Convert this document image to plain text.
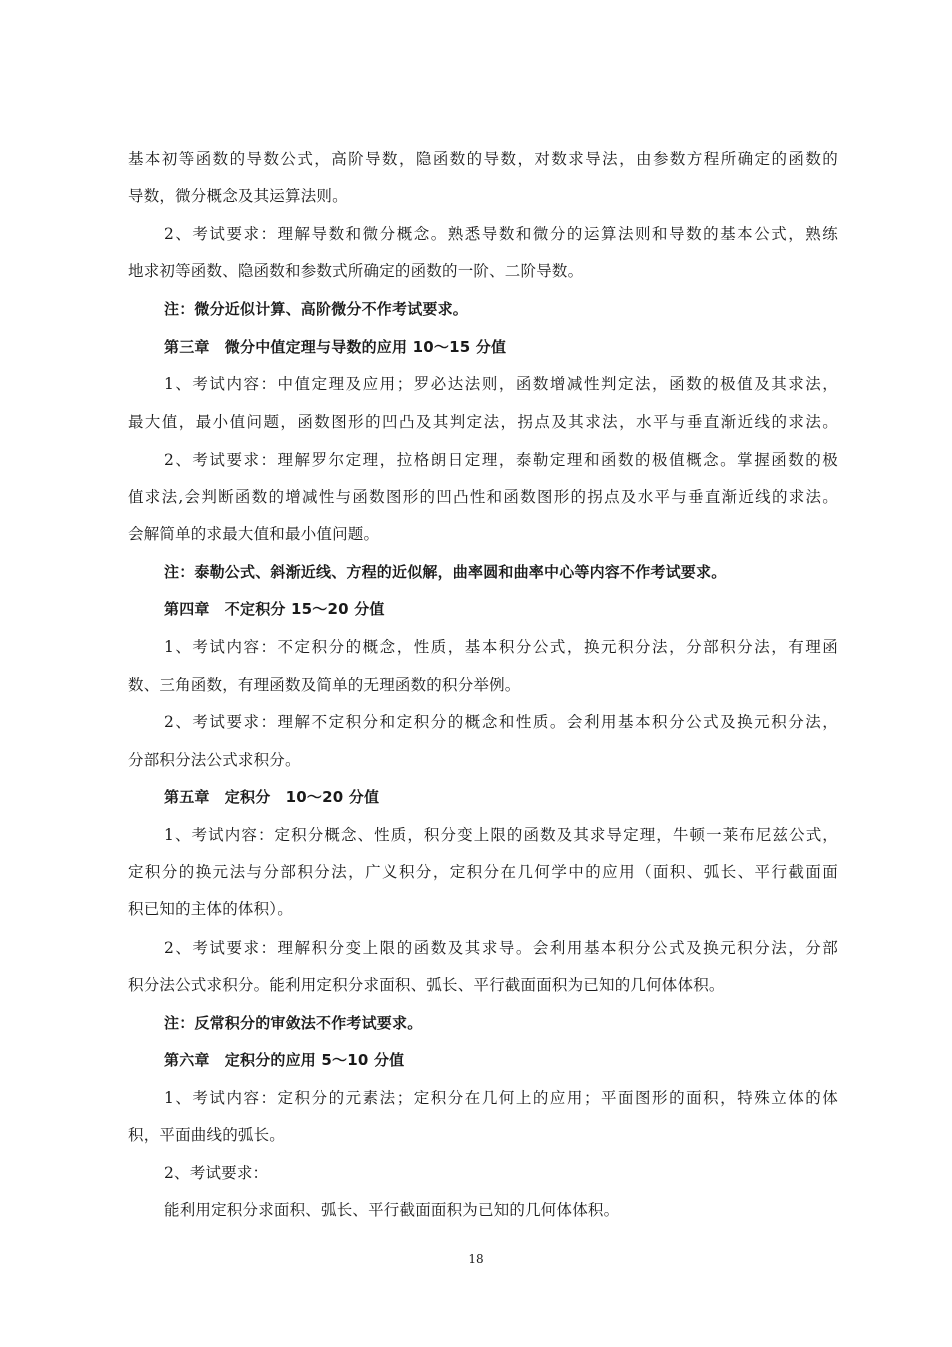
基本初等函数的导数公式，高阶导数，隐函数的导数，对数求导法，由参数方程所确定的函数的
导数，微分概念及其运算法则。
2、考试要求：理解导数和微分概念。熟悉导数和微分的运算法则和导数的基本公式，熟练
地求初等函数、隐函数和参数式所确定的函数的一阶、二阶导数。
注：微分近似计算、高阶微分不作考试要求。
第三章　微分中值定理与导数的应用 10～15 分值
1、考试内容：中值定理及应用；罗必达法则，函数增减性判定法，函数的极值及其求法，
最大值，最小值问题，函数图形的凹凸及其判定法，拐点及其求法，水平与垂直渐近线的求法。
2、考试要求：理解罗尔定理，拉格朗日定理，泰勒定理和函数的极值概念。掌握函数的极
值求法,会判断函数的增减性与函数图形的凹凸性和函数图形的拐点及水平与垂直渐近线的求法。
会解简单的求最大值和最小值问题。
注：泰勒公式、斜渐近线、方程的近似解，曲率圆和曲率中心等内容不作考试要求。
第四章　不定积分 15～20 分值
1、考试内容：不定积分的概念，性质，基本积分公式，换元积分法，分部积分法，有理函
数、三角函数，有理函数及简单的无理函数的积分举例。
2、考试要求：理解不定积分和定积分的概念和性质。会利用基本积分公式及换元积分法，
分部积分法公式求积分。
第五章　定积分　10～20 分值
1、考试内容：定积分概念、性质，积分变上限的函数及其求导定理，牛顿一莱布尼兹公式，
定积分的换元法与分部积分法，广义积分，定积分在几何学中的应用（面积、弧长、平行截面面
积已知的主体的体积）。
2、考试要求：理解积分变上限的函数及其求导。会利用基本积分公式及换元积分法，分部
积分法公式求积分。能利用定积分求面积、弧长、平行截面面积为已知的几何体体积。
注：反常积分的审敛法不作考试要求。
第六章　定积分的应用 5～10 分值
1、考试内容：定积分的元素法；定积分在几何上的应用；平面图形的面积，特殊立体的体
积，平面曲线的弧长。
2、考试要求：
能利用定积分求面积、弧长、平行截面面积为已知的几何体体积。
18
